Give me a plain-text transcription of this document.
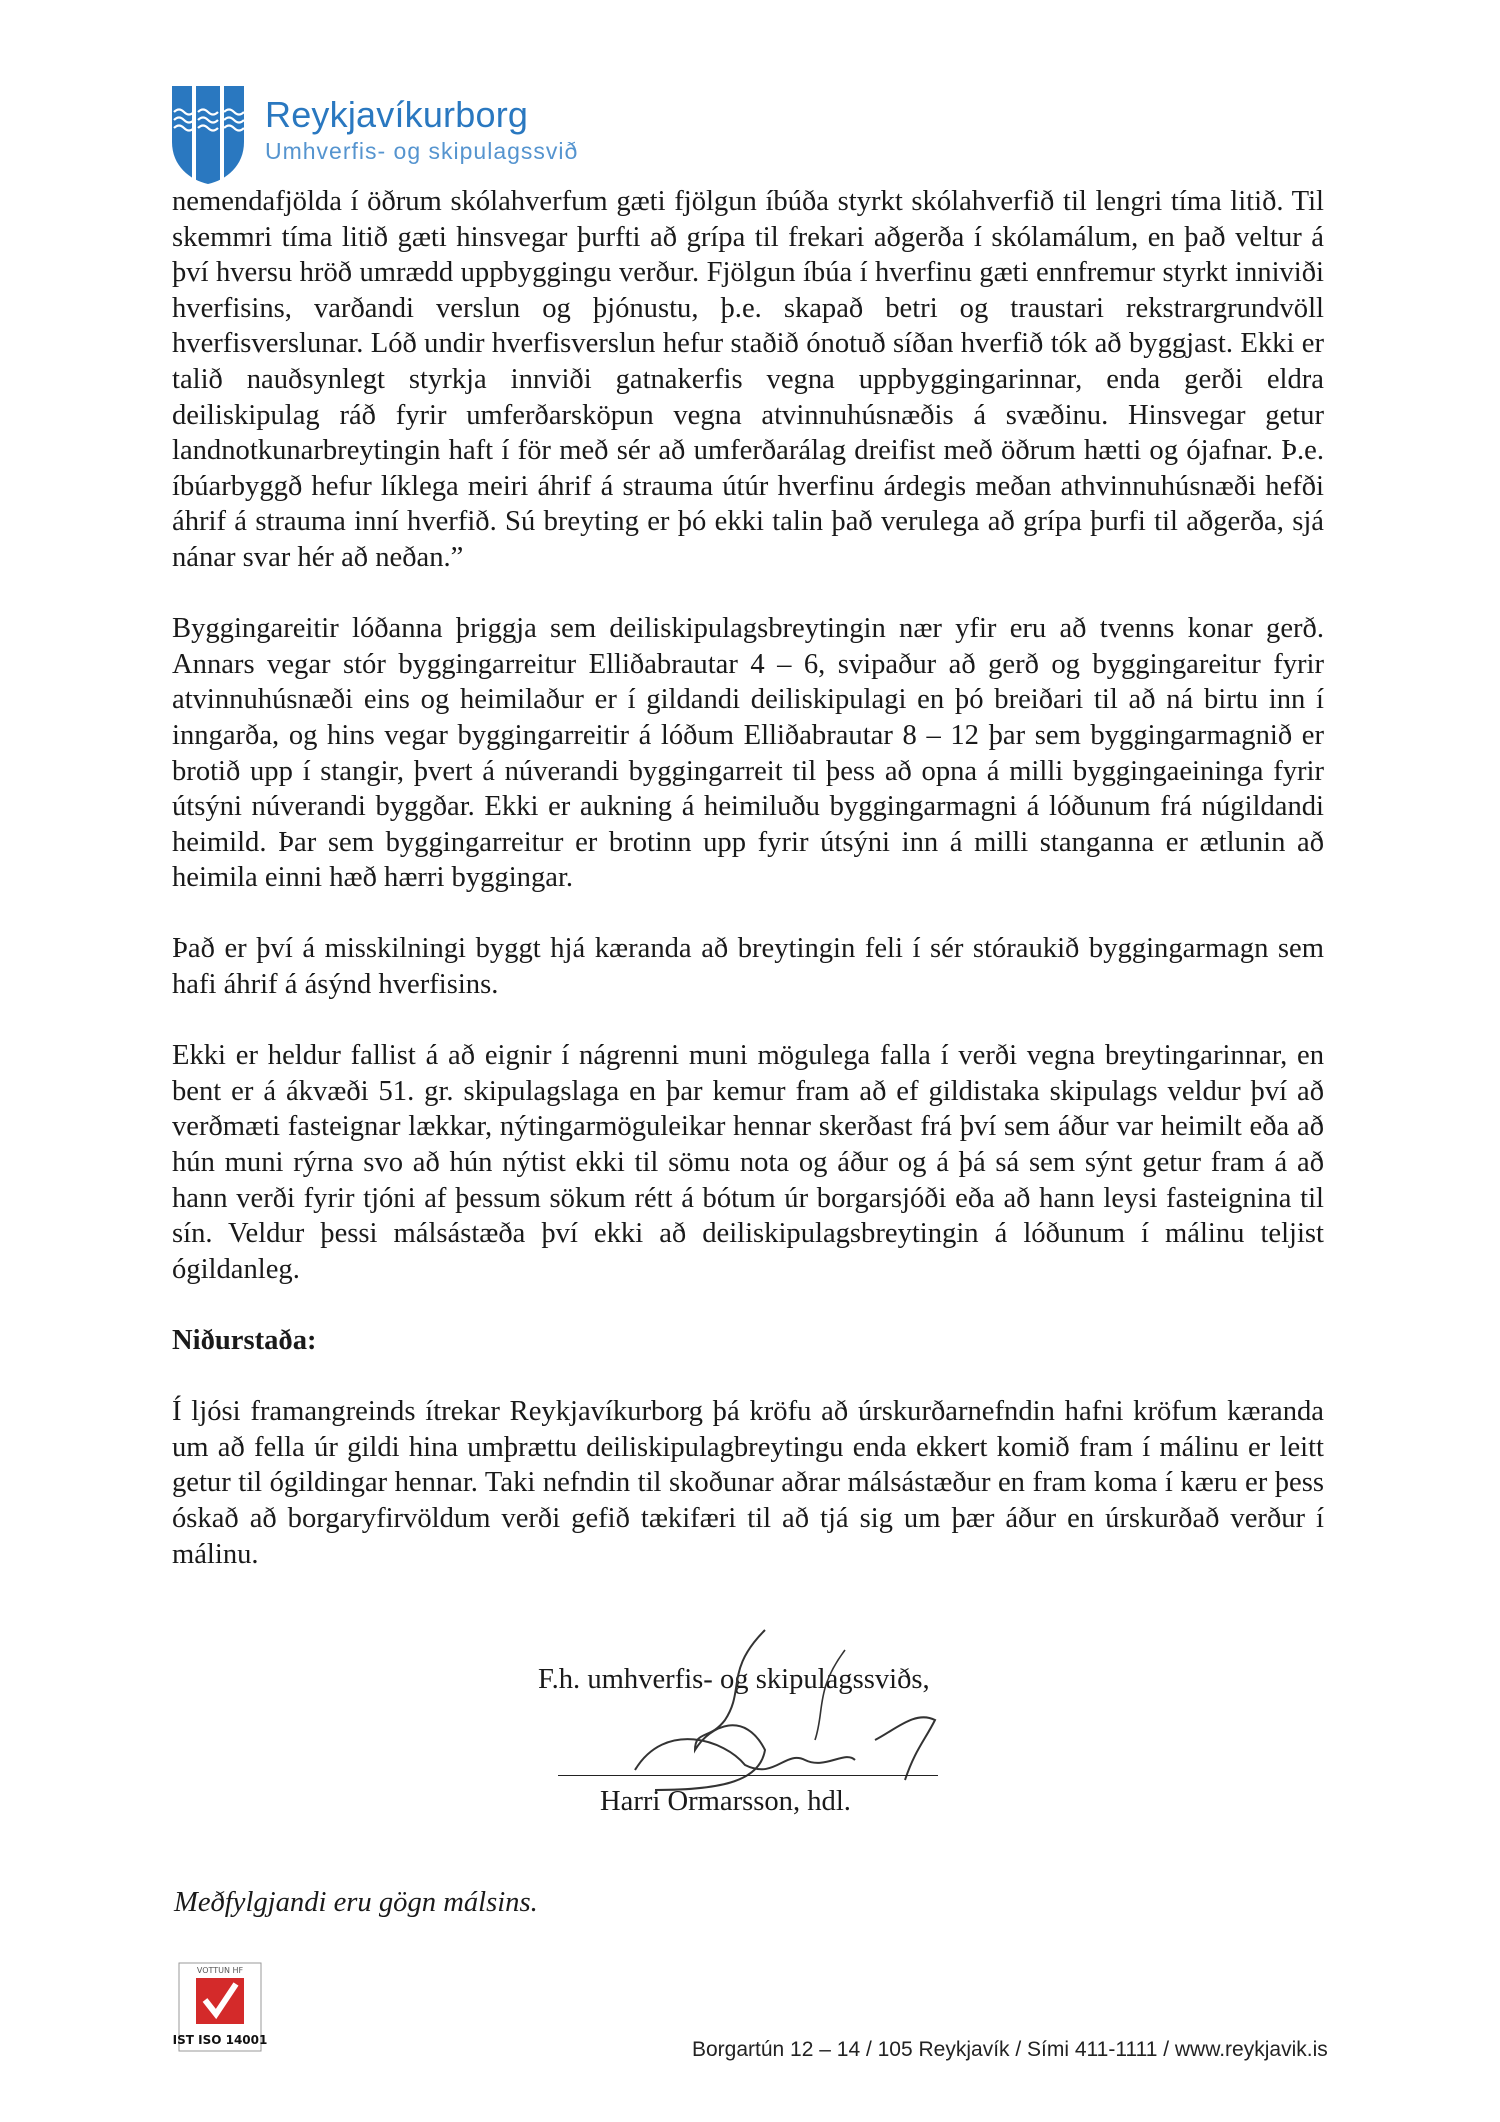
Reykjavíkurborg
Umhverfis- og skipulagssvið

nemendafjölda í öðrum skólahverfum gæti fjölgun íbúða styrkt skólahverfið til lengri tíma litið. Til skemmri tíma litið gæti hinsvegar þurfti að grípa til frekari aðgerða í skólamálum, en það veltur á því hversu hröð umrædd uppbyggingu verður. Fjölgun íbúa í hverfinu gæti ennfremur styrkt inniviði hverfisins, varðandi verslun og þjónustu, þ.e. skapað betri og traustari rekstrargrundvöll hverfisverslunar. Lóð undir hverfisverslun hefur staðið ónotuð síðan hverfið tók að byggjast. Ekki er talið nauðsynlegt styrkja innviði gatnakerfis vegna uppbyggingarinnar, enda gerði eldra deiliskipulag ráð fyrir umferðarsköpun vegna atvinnuhúsnæðis á svæðinu. Hinsvegar getur landnotkunarbreytingin haft í för með sér að umferðarálag dreifist með öðrum hætti og ójafnar. Þ.e. íbúarbyggð hefur líklega meiri áhrif á strauma útúr hverfinu árdegis meðan athvinnuhúsnæði hefði áhrif á strauma inní hverfið. Sú breyting er þó ekki talin það verulega að grípa þurfi til aðgerða, sjá nánar svar hér að neðan.”

Byggingareitir lóðanna þriggja sem deiliskipulagsbreytingin nær yfir eru að tvenns konar gerð. Annars vegar stór byggingarreitur Elliðabrautar 4 – 6, svipaður að gerð og byggingareitur fyrir atvinnuhúsnæði eins og heimilaður er í gildandi deiliskipulagi en þó breiðari til að ná birtu inn í inngarða, og hins vegar byggingarreitir á lóðum Elliðabrautar 8 – 12 þar sem byggingarmagnið er brotið upp í stangir, þvert á núverandi byggingarreit til þess að opna á milli byggingaeininga fyrir útsýni núverandi byggðar. Ekki er aukning á heimiluðu byggingarmagni á lóðunum frá núgildandi heimild. Þar sem byggingarreitur er brotinn upp fyrir útsýni inn á milli stanganna er ætlunin að heimila einni hæð hærri byggingar.

Það er því á misskilningi byggt hjá kæranda að breytingin feli í sér stóraukið byggingarmagn sem hafi áhrif á ásýnd hverfisins.

Ekki er heldur fallist á að eignir í nágrenni muni mögulega falla í verði vegna breytingarinnar, en bent er á ákvæði 51. gr. skipulagslaga en þar kemur fram að ef gildistaka skipulags veldur því að verðmæti fasteignar lækkar, nýtingarmöguleikar hennar skerðast frá því sem áður var heimilt eða að hún muni rýrna svo að hún nýtist ekki til sömu nota og áður og á þá sá sem sýnt getur fram á að hann verði fyrir tjóni af þessum sökum rétt á bótum úr borgarsjóði eða að hann leysi fasteignina til sín. Veldur þessi málsástæða því ekki að deiliskipulagsbreytingin á lóðunum í málinu teljist ógildanleg.

Niðurstaða:

Í ljósi framangreinds ítrekar Reykjavíkurborg þá kröfu að úrskurðarnefndin hafni kröfum kæranda um að fella úr gildi hina umþrættu deiliskipulagbreytingu enda ekkert komið fram í málinu er leitt getur til ógildingar hennar. Taki nefndin til skoðunar aðrar málsástæður en fram koma í kæru er þess óskað að borgaryfirvöldum verði gefið tækifæri til að tjá sig um þær áður en úrskurðað verður í málinu.

F.h. umhverfis- og skipulagssviðs,
Harri Ormarsson, hdl.
Meðfylgjandi eru gögn málsins.
VOTTUN HF
IST ISO 14001	Borgartún 12 – 14 / 105 Reykjavík / Sími 411-1111 / www.reykjavik.is
